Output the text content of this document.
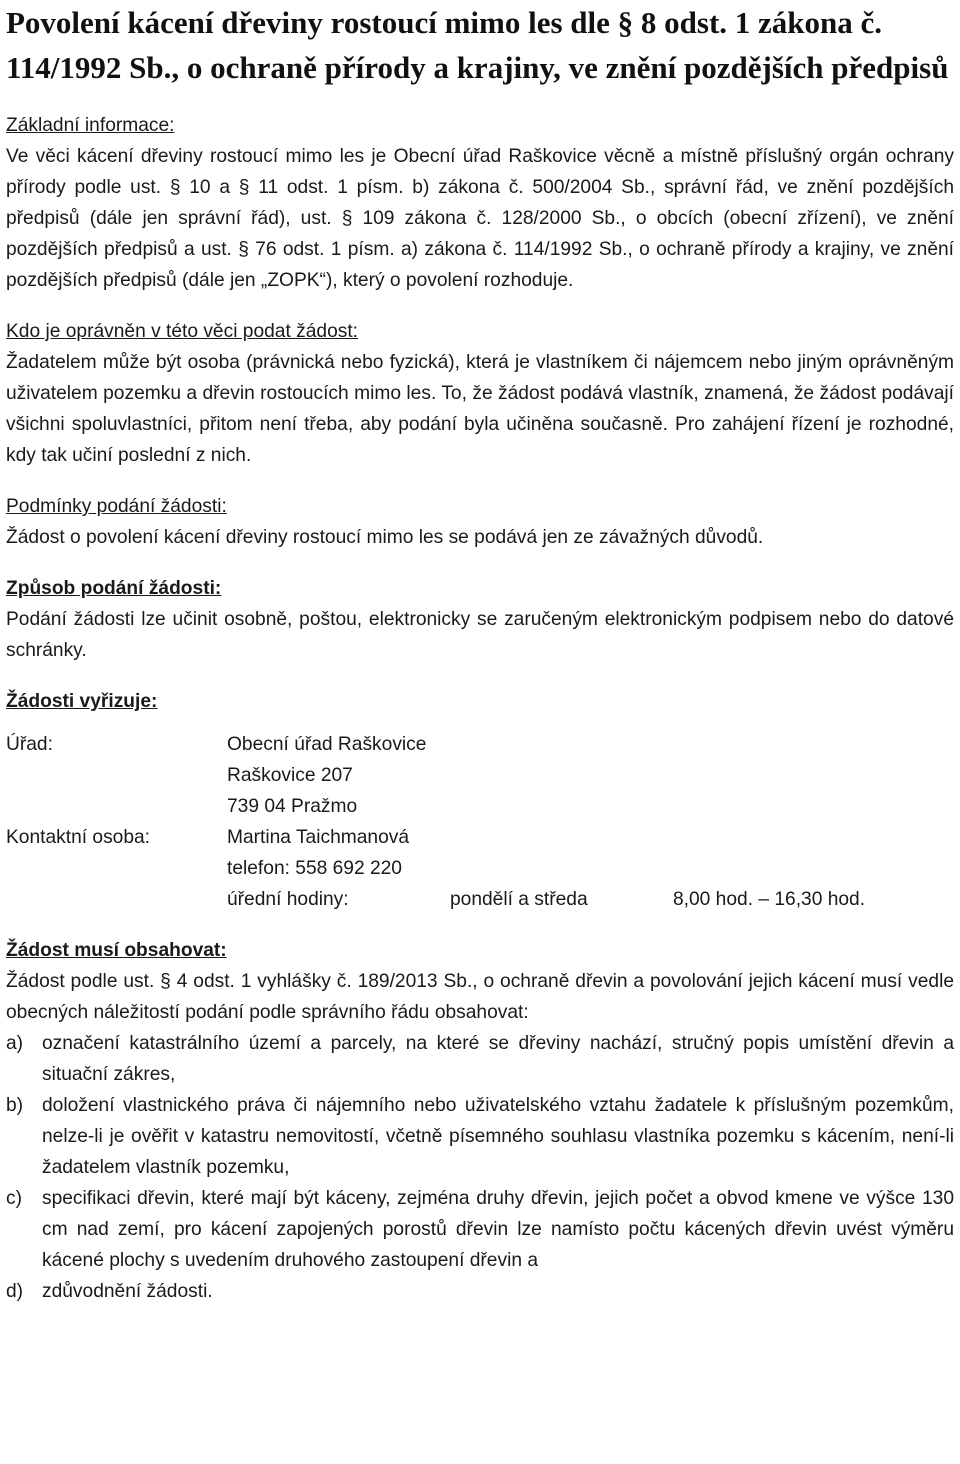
Povolení kácení dřeviny rostoucí mimo les dle § 8 odst. 1 zákona č. 114/1992 Sb., o ochraně přírody a krajiny, ve znění pozdějších předpisů
Základní informace:

Ve věci kácení dřeviny rostoucí mimo les je Obecní úřad Raškovice věcně a místně příslušný orgán ochrany přírody podle ust. § 10 a § 11 odst. 1 písm. b) zákona č. 500/2004 Sb., správní řád, ve znění pozdějších předpisů (dále jen správní řád), ust. § 109 zákona č. 128/2000 Sb., o obcích (obecní zřízení), ve znění pozdějších předpisů a ust. § 76 odst. 1 písm. a) zákona č. 114/1992 Sb., o ochraně přírody a krajiny, ve znění pozdějších předpisů (dále jen „ZOPK“), který o povolení rozhoduje.

Kdo je oprávněn v této věci podat žádost:

Žadatelem může být osoba (právnická nebo fyzická), která je vlastníkem či nájemcem nebo jiným oprávněným uživatelem pozemku a dřevin rostoucích mimo les. To, že žádost podává vlastník, znamená, že žádost podávají všichni spoluvlastníci, přitom není třeba, aby podání byla učiněna současně. Pro zahájení řízení je rozhodné, kdy tak učiní poslední z nich.

Podmínky podání žádosti:

Žádost o povolení kácení dřeviny rostoucí mimo les se podává jen ze závažných důvodů.

Způsob podání žádosti:

Podání žádosti lze učinit osobně, poštou, elektronicky se zaručeným elektronickým podpisem nebo do datové schránky.

Žádosti vyřizuje:
Úřad:	Obecní úřad Raškovice
Raškovice 207
739 04 Pražmo
Kontaktní osoba:	Martina Taichmanová
telefon: 558 692 220
úřední hodiny:	pondělí a středa	8,00 hod. – 16,30 hod.
Žádost musí obsahovat:

Žádost podle ust. § 4 odst. 1 vyhlášky č. 189/2013 Sb., o ochraně dřevin a povolování jejich kácení musí vedle obecných náležitostí podání podle správního řádu obsahovat:

a) označení katastrálního území a parcely, na které se dřeviny nachází, stručný popis umístění dřevin a situační zákres,
b) doložení vlastnického práva či nájemního nebo uživatelského vztahu žadatele k příslušným pozemkům, nelze-li je ověřit v katastru nemovitostí, včetně písemného souhlasu vlastníka pozemku s kácením, není-li žadatelem vlastník pozemku,
c)	specifikaci dřevin, které mají být káceny, zejména druhy dřevin, jejich počet a obvod kmene ve výšce 130 cm nad zemí, pro kácení zapojených porostů dřevin lze namísto počtu kácených dřevin uvést výměru kácené plochy s uvedením druhového zastoupení dřevin a
d) zdůvodnění žádosti.
